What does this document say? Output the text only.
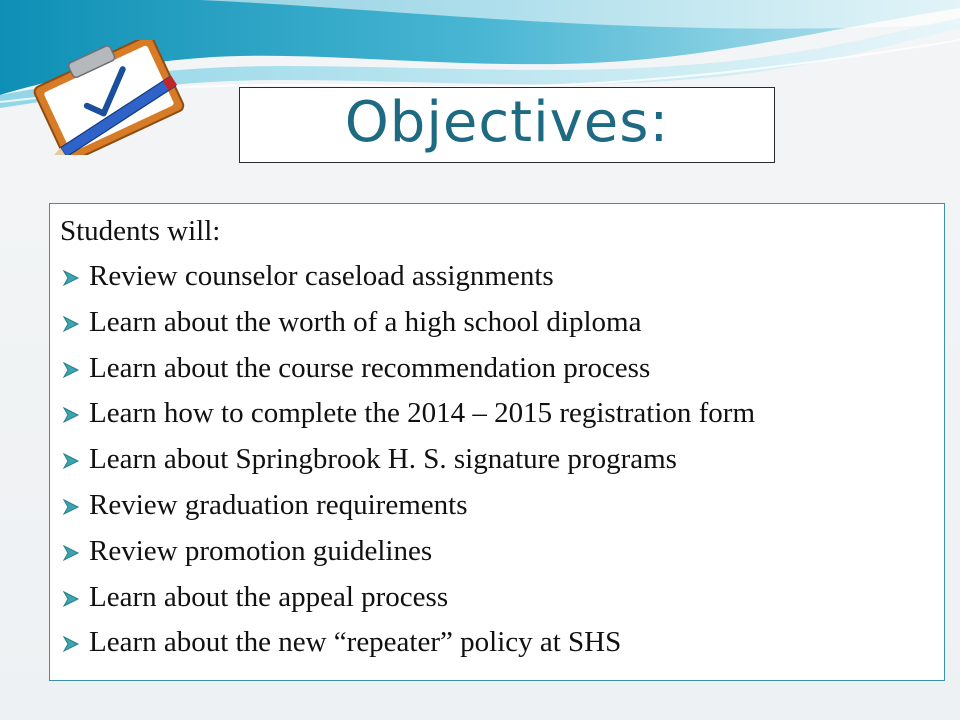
Objectives:
Students will:
Review counselor caseload assignments
Learn about the worth of a high school diploma
Learn about the course recommendation process
Learn how to complete the 2014 – 2015 registration form
Learn about Springbrook H. S. signature programs
Review graduation requirements
Review promotion guidelines
Learn about the appeal process
Learn about the new “repeater” policy at SHS
